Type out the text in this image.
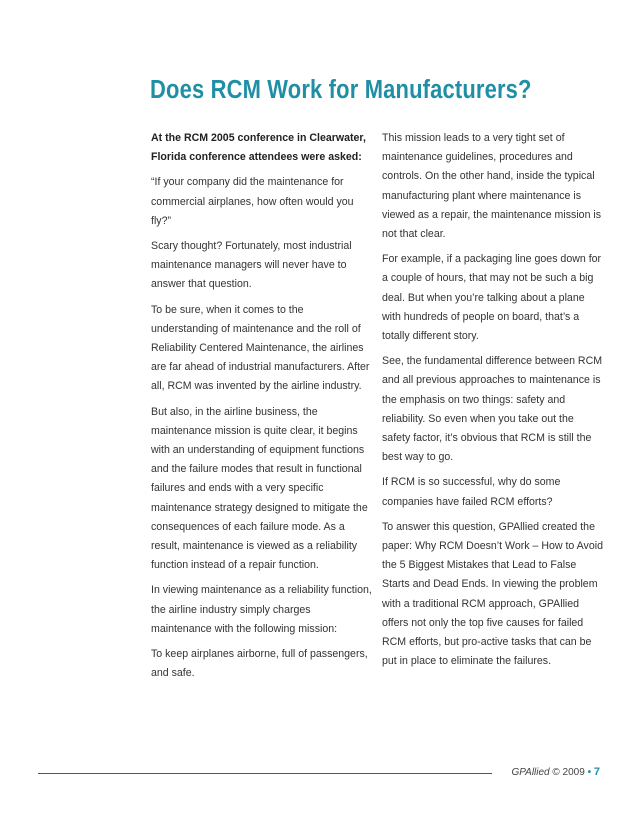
Does RCM Work for Manufacturers?

At the RCM 2005 conference in Clearwater, Florida conference attendees were asked:

“If your company did the maintenance for commercial airplanes, how often would you fly?”

Scary thought? Fortunately, most industrial maintenance managers will never have to answer that question.

To be sure, when it comes to the understanding of maintenance and the roll of Reliability Centered Maintenance, the airlines are far ahead of industrial manufacturers. After all, RCM was invented by the airline industry.

But also, in the airline business, the maintenance mission is quite clear, it begins with an understanding of equipment functions and the failure modes that result in functional failures and ends with a very specific maintenance strategy designed to mitigate the consequences of each failure mode. As a result, maintenance is viewed as a reliability function instead of a repair function.

In viewing maintenance as a reliability function, the airline industry simply charges maintenance with the following mission:

To keep airplanes airborne, full of passengers, and safe.

This mission leads to a very tight set of maintenance guidelines, procedures and controls. On the other hand, inside the typical manufacturing plant where maintenance is viewed as a repair, the maintenance mission is not that clear.

For example, if a packaging line goes down for a couple of hours, that may not be such a big deal. But when you’re talking about a plane with hundreds of people on board, that’s a totally different story.

See, the fundamental difference between RCM and all previous approaches to maintenance is the emphasis on two things: safety and reliability. So even when you take out the safety factor, it’s obvious that RCM is still the best way to go.

If RCM is so successful, why do some companies have failed RCM efforts?

To answer this question, GPAllied created the paper: Why RCM Doesn’t Work – How to Avoid the 5 Biggest Mistakes that Lead to False Starts and Dead Ends. In viewing the problem with a traditional RCM approach, GPAllied offers not only the top five causes for failed RCM efforts, but pro-active tasks that can be put in place to eliminate the failures.

GPAllied © 2009 • 7
